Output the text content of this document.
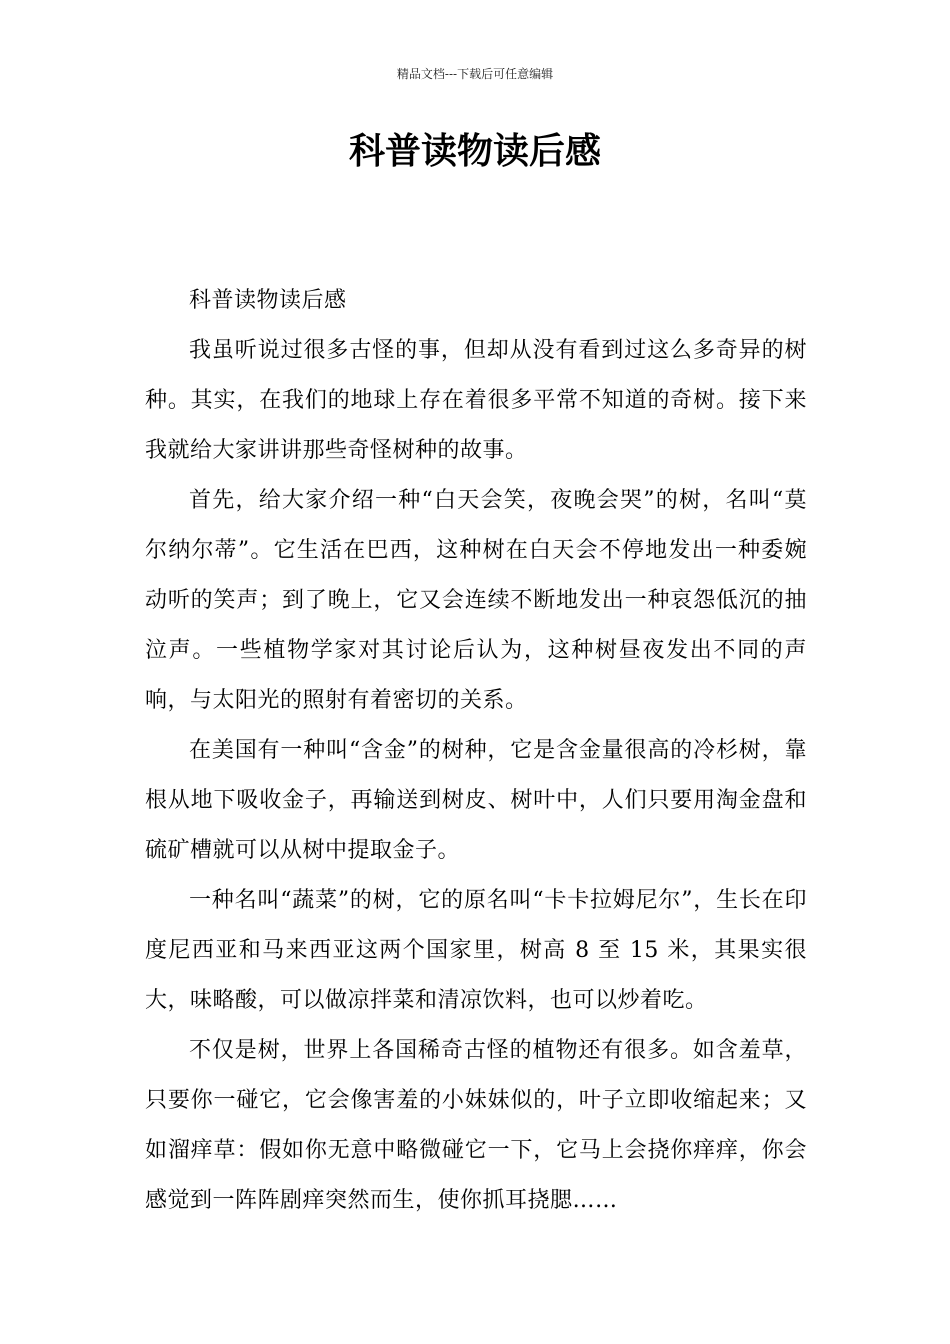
精品文档---下载后可任意编辑
科普读物读后感

科普读物读后感

我虽听说过很多古怪的事，但却从没有看到过这么多奇异的树种。其实，在我们的地球上存在着很多平常不知道的奇树。接下来我就给大家讲讲那些奇怪树种的故事。

首先，给大家介绍一种“白天会笑，夜晚会哭”的树，名叫“莫尔纳尔蒂”。它生活在巴西，这种树在白天会不停地发出一种委婉动听的笑声；到了晚上，它又会连续不断地发出一种哀怨低沉的抽泣声。一些植物学家对其讨论后认为，这种树昼夜发出不同的声响，与太阳光的照射有着密切的关系。

在美国有一种叫“含金”的树种，它是含金量很高的冷杉树，靠根从地下吸收金子，再输送到树皮、树叶中，人们只要用淘金盘和硫矿槽就可以从树中提取金子。

一种名叫“蔬菜”的树，它的原名叫“卡卡拉姆尼尔”，生长在印度尼西亚和马来西亚这两个国家里，树高 8 至 15 米，其果实很大，味略酸，可以做凉拌菜和清凉饮料，也可以炒着吃。

不仅是树，世界上各国稀奇古怪的植物还有很多。如含羞草，只要你一碰它，它会像害羞的小妹妹似的，叶子立即收缩起来；又如溜痒草：假如你无意中略微碰它一下，它马上会挠你痒痒，你会感觉到一阵阵剧痒突然而生，使你抓耳挠腮……
